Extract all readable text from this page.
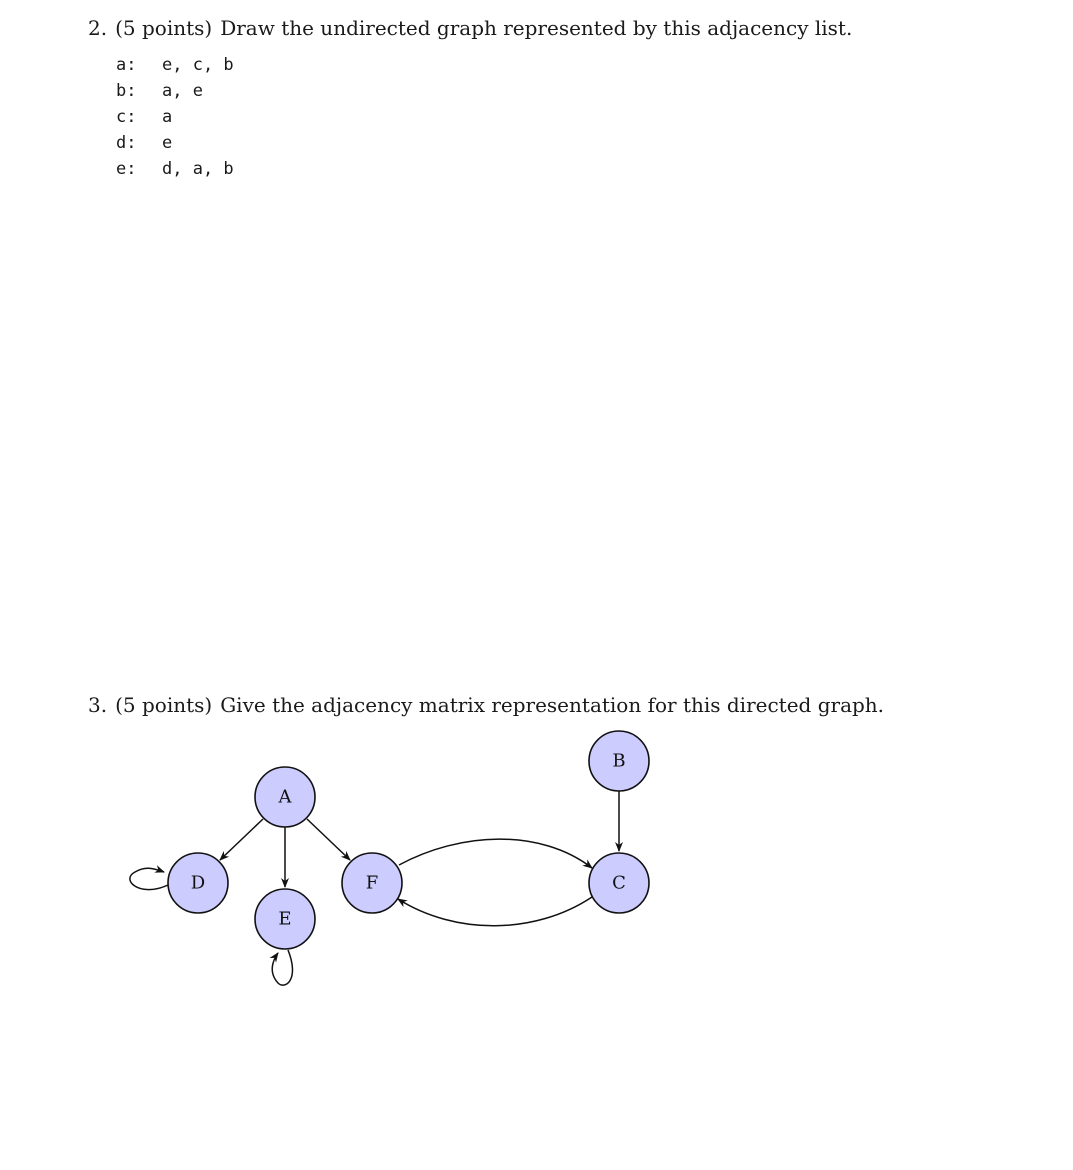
2. (5 points) Draw the undirected graph represented by this adjacency list.
a: e, c, b
b: a, e
c: a
d: e
e: d, a, b
3. (5 points) Give the adjacency matrix representation for this directed graph.
A
B
C
D
E
F
